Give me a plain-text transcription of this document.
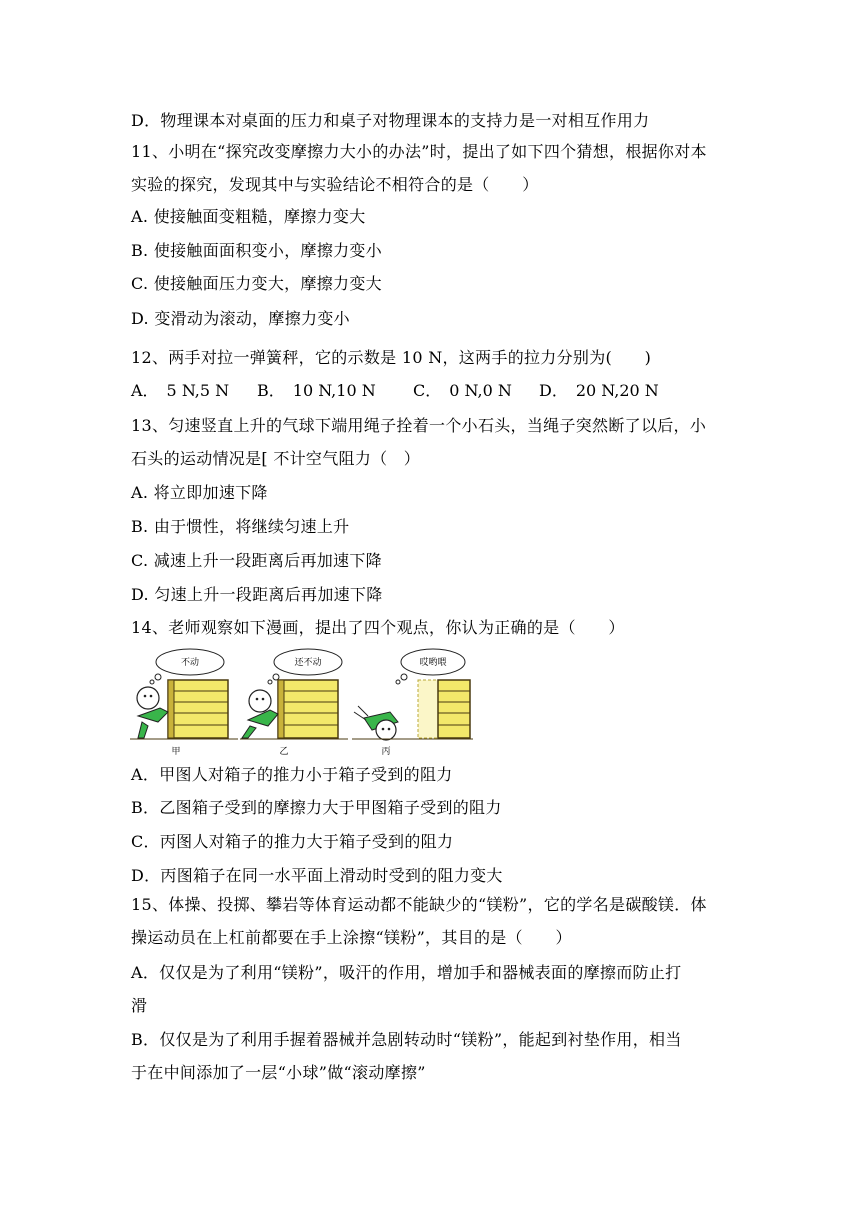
D．物理课本对桌面的压力和桌子对物理课本的支持力是一对相互作用力
11、小明在“探究改变摩擦力大小的办法”时，提出了如下四个猜想，根据你对本
实验的探究，发现其中与实验结论不相符合的是（　　）
A. 使接触面变粗糙，摩擦力变大
B. 使接触面面积变小，摩擦力变小
C. 使接触面压力变大，摩擦力变大
D. 变滑动为滚动，摩擦力变小
12、两手对拉一弹簧秤，它的示数是 10 N，这两手的拉力分别为(　　)
A．　5 N,5 N B．　10 N,10 N C．　0 N,0 N D．　20 N,20 N
13、匀速竖直上升的气球下端用绳子拴着一个小石头，当绳子突然断了以后，小
石头的运动情况是[ 不计空气阻力（　）
A. 将立即加速下降
B. 由于惯性，将继续匀速上升
C. 减速上升一段距离后再加速下降
D. 匀速上升一段距离后再加速下降
14、老师观察如下漫画，提出了四个观点，你认为正确的是（　　）
不动
甲
还不动
乙
哎哟喂
丙
A．甲图人对箱子的推力小于箱子受到的阻力
B．乙图箱子受到的摩擦力大于甲图箱子受到的阻力
C．丙图人对箱子的推力大于箱子受到的阻力
D．丙图箱子在同一水平面上滑动时受到的阻力变大
15、体操、投掷、攀岩等体育运动都不能缺少的“镁粉”，它的学名是碳酸镁．体
操运动员在上杠前都要在手上涂擦“镁粉”，其目的是（　　）
A．仅仅是为了利用“镁粉”，吸汗的作用，增加手和器械表面的摩擦而防止打
滑
B．仅仅是为了利用手握着器械并急剧转动时“镁粉”，能起到衬垫作用，相当
于在中间添加了一层“小球”做“滚动摩擦”
